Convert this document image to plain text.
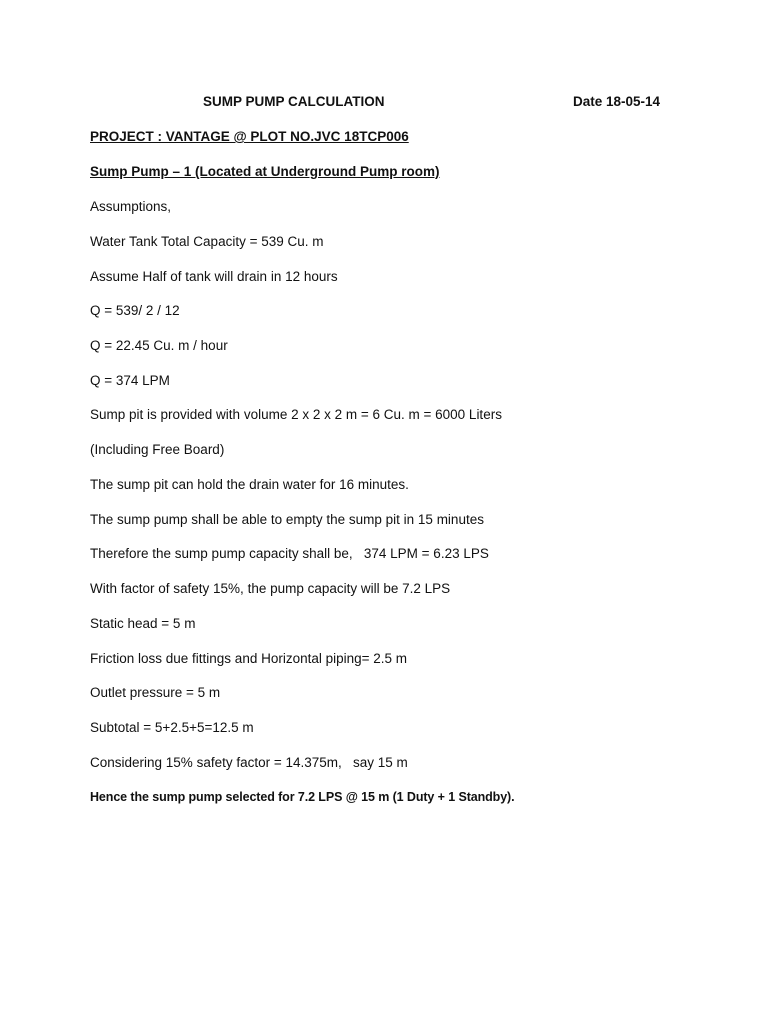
SUMP PUMP CALCULATION	Date 18-05-14

PROJECT : VANTAGE @ PLOT NO.JVC 18TCP006

Sump Pump – 1 (Located at Underground Pump room)

Assumptions,

Water Tank Total Capacity = 539 Cu. m

Assume Half of tank will drain in 12 hours

Q = 539/ 2 / 12

Q = 22.45 Cu. m / hour

Q = 374 LPM

Sump pit is provided with volume 2 x 2 x 2 m = 6 Cu. m = 6000 Liters

(Including Free Board)

The sump pit can hold the drain water for 16 minutes.

The sump pump shall be able to empty the sump pit in 15 minutes

Therefore the sump pump capacity shall be,   374 LPM = 6.23 LPS

With factor of safety 15%, the pump capacity will be 7.2 LPS

Static head = 5 m

Friction loss due fittings and Horizontal piping= 2.5 m

Outlet pressure = 5 m

Subtotal = 5+2.5+5=12.5 m

Considering 15% safety factor = 14.375m,   say 15 m

Hence the sump pump selected for 7.2 LPS @ 15 m (1 Duty + 1 Standby).
